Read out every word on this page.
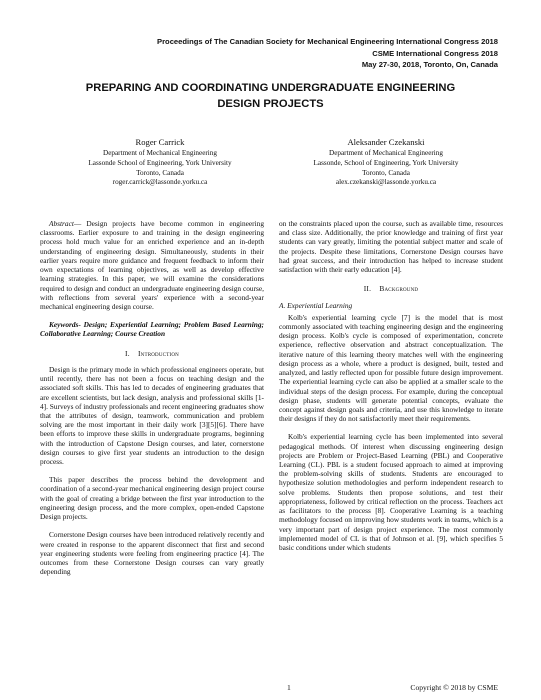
Proceedings of The Canadian Society for Mechanical Engineering International Congress 2018
CSME International Congress 2018
May 27-30, 2018, Toronto, On, Canada
PREPARING AND COORDINATING UNDERGRADUATE ENGINEERING
DESIGN PROJECTS
Roger Carrick
Department of Mechanical Engineering
Lassonde School of Engineering, York University
Toronto, Canada
roger.carrick@lassonde.yorku.ca
Aleksander Czekanski
Department of Mechanical Engineering
Lassonde, School of Engineering, York University
Toronto, Canada
alex.czekanski@lassonde.yorku.ca

Abstract— Design projects have become common in engineering classrooms. Earlier exposure to and training in the design engineering process hold much value for an enriched experience and an in-depth understanding of engineering design. Simultaneously, students in their earlier years require more guidance and frequent feedback to inform their own expectations of learning objectives, as well as develop effective learning strategies. In this paper, we will examine the considerations required to design and conduct an undergraduate engineering design course, with reflections from several years' experience with a second-year mechanical engineering design course.

Keywords- Design; Experiential Learning; Problem Based Learning; Collaborative Learning; Course Creation

I. Introduction

Design is the primary mode in which professional engineers operate, but until recently, there has not been a focus on teaching design and the associated soft skills. This has led to decades of engineering graduates that are excellent scientists, but lack design, analysis and professional skills [1-4]. Surveys of industry professionals and recent engineering graduates show that the attributes of design, teamwork, communication and problem solving are the most important in their daily work [3][5][6]. There have been efforts to improve these skills in undergraduate programs, beginning with the introduction of Capstone Design courses, and later, cornerstone design courses to give first year students an introduction to the design process.

This paper describes the process behind the development and coordination of a second-year mechanical engineering design project course with the goal of creating a bridge between the first year introduction to the engineering design process, and the more complex, open-ended Capstone Design projects.

Cornerstone Design courses have been introduced relatively recently and were created in response to the apparent disconnect that first and second year engineering students were feeling from engineering practice [4]. The outcomes from these Cornerstone Design courses can vary greatly depending

on the constraints placed upon the course, such as available time, resources and class size. Additionally, the prior knowledge and training of first year students can vary greatly, limiting the potential subject matter and scale of the projects. Despite these limitations, Cornerstone Design courses have had great success, and their introduction has helped to increase student satisfaction with their early education [4].

II. Background

A. Experiential Learning

Kolb's experiential learning cycle [7] is the model that is most commonly associated with teaching engineering design and the engineering design process. Kolb's cycle is composed of experimentation, concrete experience, reflective observation and abstract conceptualization. The iterative nature of this learning theory matches well with the engineering design process as a whole, where a product is designed, built, tested and analyzed, and lastly reflected upon for possible future design improvement. The experiential learning cycle can also be applied at a smaller scale to the individual steps of the design process. For example, during the conceptual design phase, students will generate potential concepts, evaluate the concept against design goals and criteria, and use this knowledge to iterate their designs if they do not satisfactorily meet their requirements.

Kolb's experiential learning cycle has been implemented into several pedagogical methods. Of interest when discussing engineering design projects are Problem or Project-Based Learning (PBL) and Cooperative Learning (CL). PBL is a student focused approach to aimed at improving the problem-solving skills of students. Students are encouraged to hypothesize solution methodologies and perform independent research to solve problems. Students then propose solutions, and test their appropriateness, followed by critical reflection on the process. Teachers act as facilitators to the process [8]. Cooperative Learning is a teaching methodology focused on improving how students work in teams, which is a very important part of design project experience. The most commonly implemented model of CL is that of Johnson et al. [9], which specifies 5 basic conditions under which students

1	Copyright © 2018 by CSME
